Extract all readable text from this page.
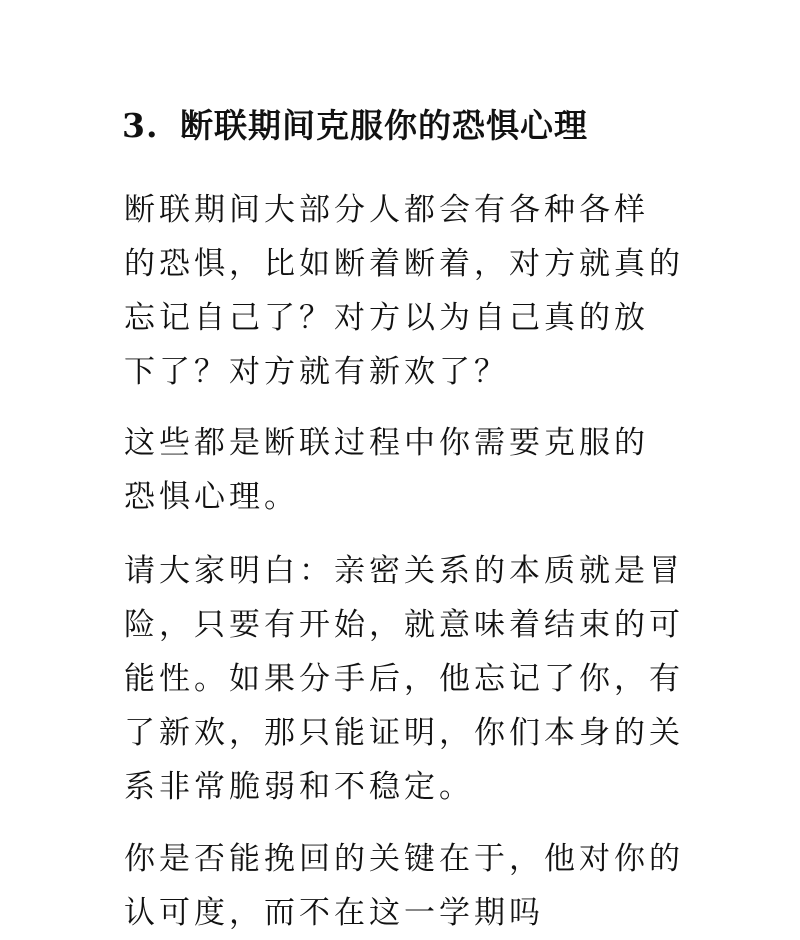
3. 断联期间克服你的恐惧心理

断联期间大部分人都会有各种各样
的恐惧，比如断着断着，对方就真的
忘记自己了？对方以为自己真的放
下了？对方就有新欢了？

这些都是断联过程中你需要克服的
恐惧心理。

请大家明白：亲密关系的本质就是冒
险，只要有开始，就意味着结束的可
能性。如果分手后，他忘记了你，有
了新欢，那只能证明，你们本身的关
系非常脆弱和不稳定。

你是否能挽回的关键在于，他对你的
认可度，而不在这一学期吗
